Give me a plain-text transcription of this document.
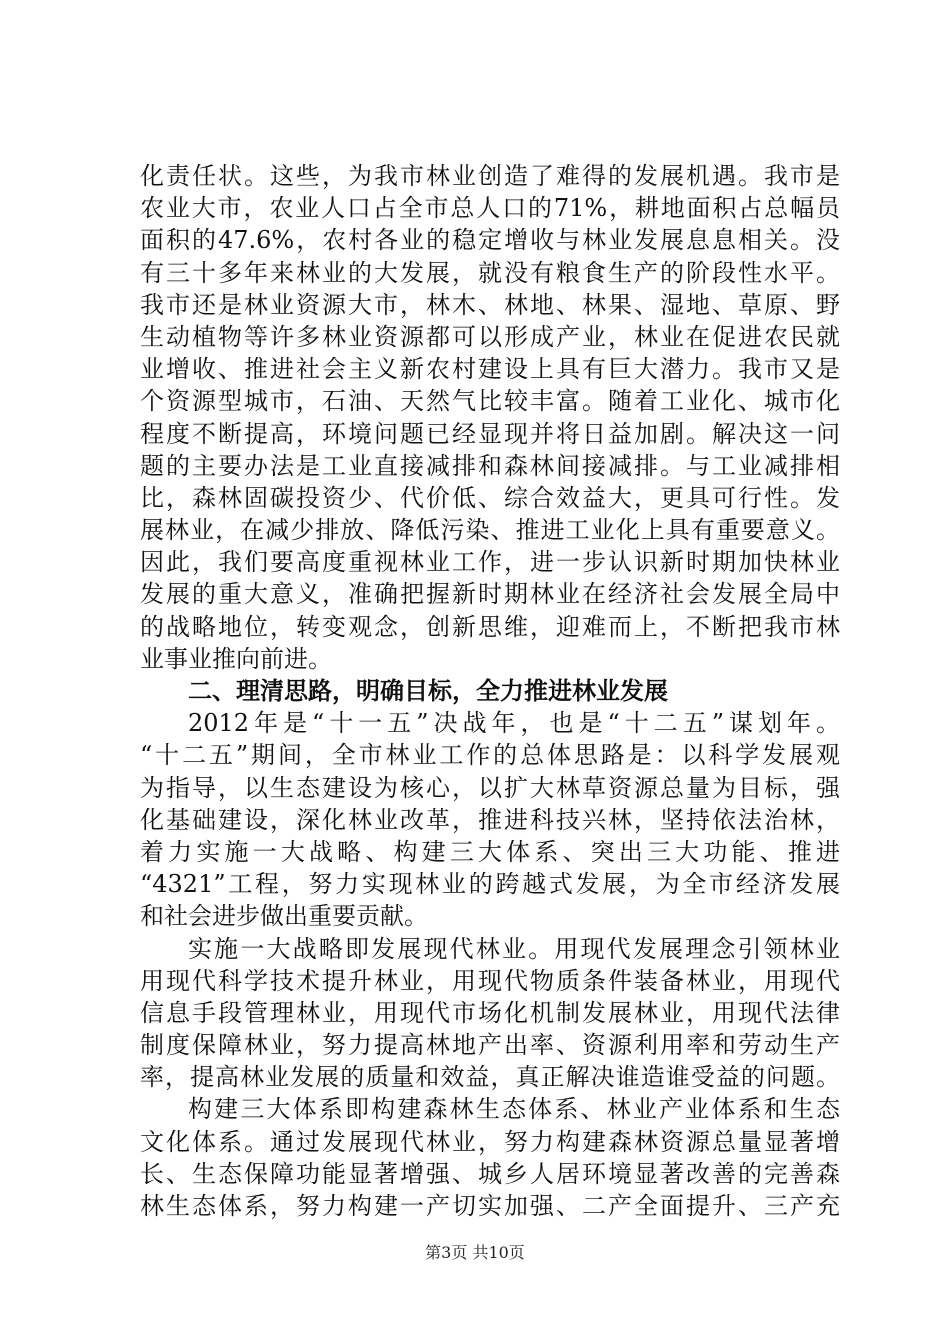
化责任状。这些，为我市林业创造了难得的发展机遇。我市是
农业大市，农业人口占全市总人口的71%，耕地面积占总幅员
面积的47.6%，农村各业的稳定增收与林业发展息息相关。没
有三十多年来林业的大发展，就没有粮食生产的阶段性水平。
我市还是林业资源大市，林木、林地、林果、湿地、草原、野
生动植物等许多林业资源都可以形成产业，林业在促进农民就
业增收、推进社会主义新农村建设上具有巨大潜力。我市又是
个资源型城市，石油、天然气比较丰富。随着工业化、城市化
程度不断提高，环境问题已经显现并将日益加剧。解决这一问
题的主要办法是工业直接减排和森林间接减排。与工业减排相
比，森林固碳投资少、代价低、综合效益大，更具可行性。发
展林业，在减少排放、降低污染、推进工业化上具有重要意义。
因此，我们要高度重视林业工作，进一步认识新时期加快林业
发展的重大意义，准确把握新时期林业在经济社会发展全局中
的战略地位，转变观念，创新思维，迎难而上，不断把我市林
业事业推向前进。
二、理清思路，明确目标，全力推进林业发展
2012年是“十一五”决战年，也是“十二五”谋划年。
“十二五”期间，全市林业工作的总体思路是：以科学发展观
为指导，以生态建设为核心，以扩大林草资源总量为目标，强
化基础建设，深化林业改革，推进科技兴林，坚持依法治林，
着力实施一大战略、构建三大体系、突出三大功能、推进
“4321”工程，努力实现林业的跨越式发展，为全市经济发展
和社会进步做出重要贡献。
实施一大战略即发展现代林业。用现代发展理念引领林业
用现代科学技术提升林业，用现代物质条件装备林业，用现代
信息手段管理林业，用现代市场化机制发展林业，用现代法律
制度保障林业，努力提高林地产出率、资源利用率和劳动生产
率，提高林业发展的质量和效益，真正解决谁造谁受益的问题。
构建三大体系即构建森林生态体系、林业产业体系和生态
文化体系。通过发展现代林业，努力构建森林资源总量显著增
长、生态保障功能显著增强、城乡人居环境显著改善的完善森
林生态体系，努力构建一产切实加强、二产全面提升、三产充
第3页 共10页
